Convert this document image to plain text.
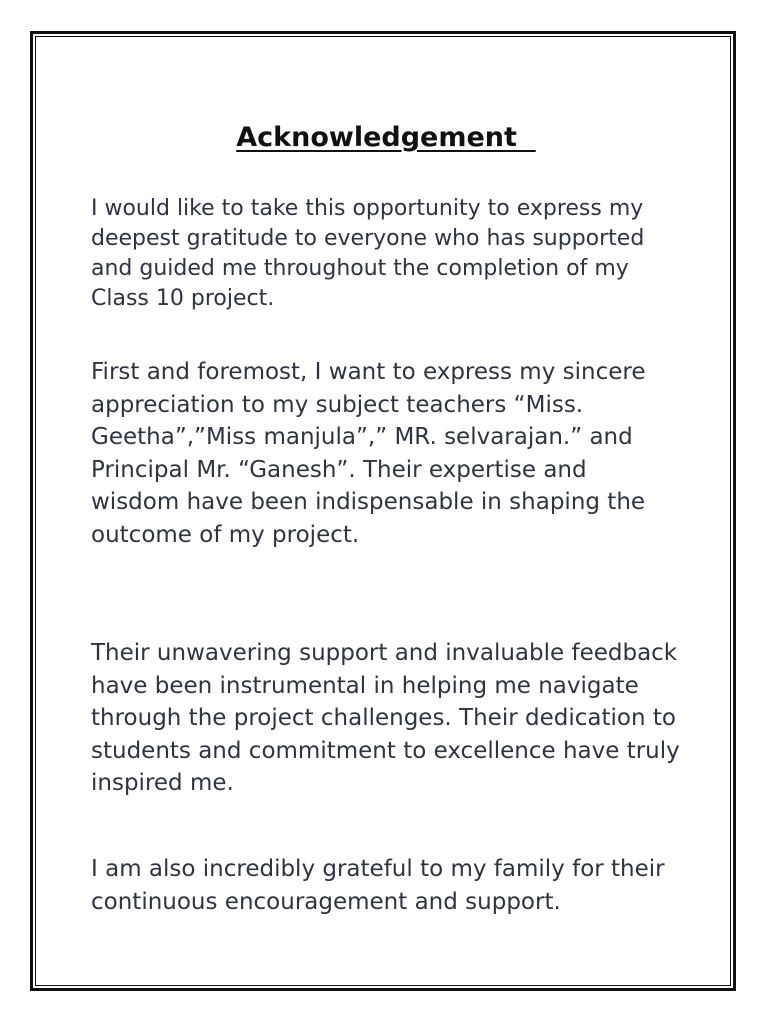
Acknowledgement

I would like to take this opportunity to express my deepest gratitude to everyone who has supported and guided me throughout the completion of my Class 10 project.

First and foremost, I want to express my sincere appreciation to my subject teachers “Miss. Geetha”,”Miss manjula”,” MR. selvarajan.” and Principal Mr. “Ganesh”. Their expertise and wisdom have been indispensable in shaping the outcome of my project.

Their unwavering support and invaluable feedback have been instrumental in helping me navigate through the project challenges. Their dedication to students and commitment to excellence have truly inspired me.

I am also incredibly grateful to my family for their continuous encouragement and support.
